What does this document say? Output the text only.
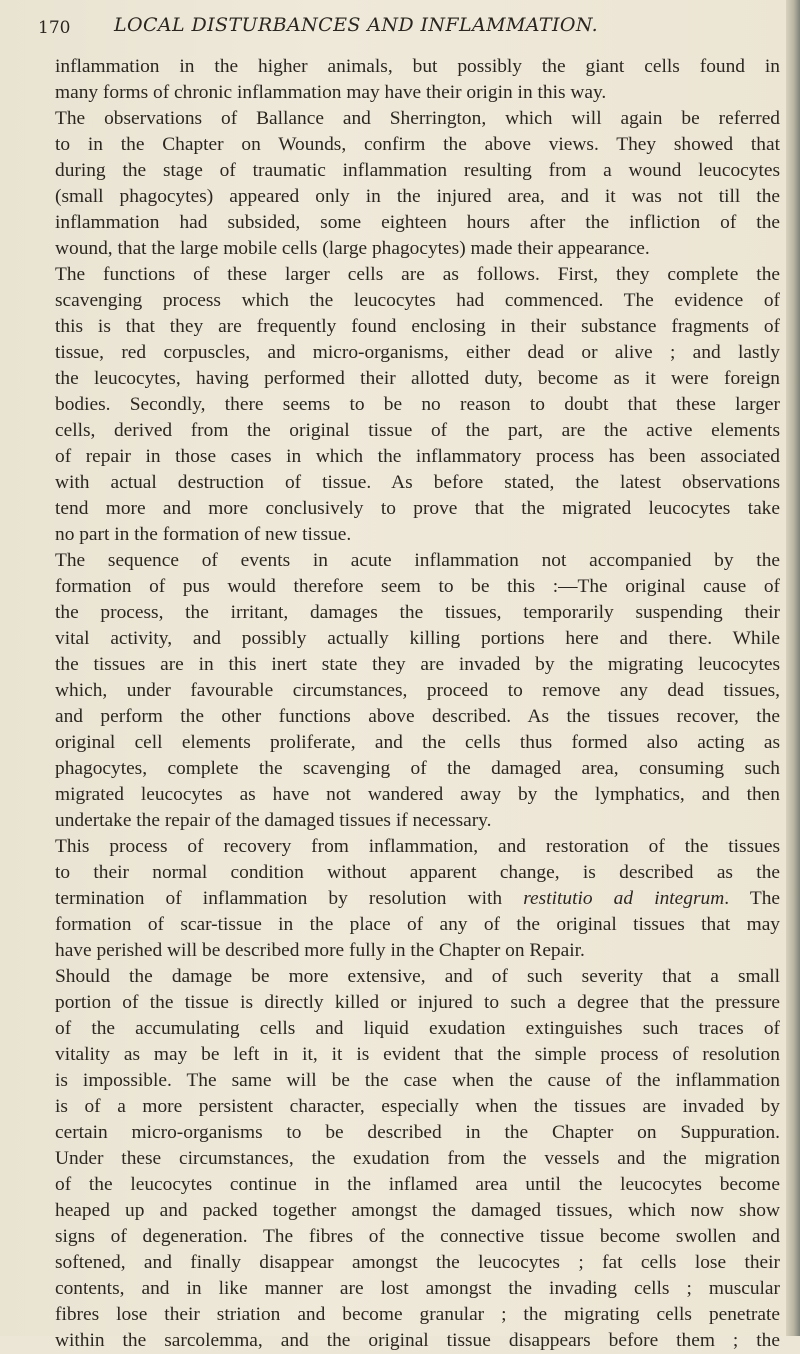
170 LOCAL DISTURBANCES AND INFLAMMATION.
inflammation in the higher animals, but possibly the giant cells found in
many forms of chronic inflammation may have their origin in this way.
The observations of Ballance and Sherrington, which will again be referred
to in the Chapter on Wounds, confirm the above views. They showed that
during the stage of traumatic inflammation resulting from a wound leucocytes
(small phagocytes) appeared only in the injured area, and it was not till the
inflammation had subsided, some eighteen hours after the infliction of the
wound, that the large mobile cells (large phagocytes) made their appearance.
The functions of these larger cells are as follows. First, they complete the
scavenging process which the leucocytes had commenced. The evidence of
this is that they are frequently found enclosing in their substance fragments of
tissue, red corpuscles, and micro-organisms, either dead or alive ; and lastly
the leucocytes, having performed their allotted duty, become as it were foreign
bodies. Secondly, there seems to be no reason to doubt that these larger
cells, derived from the original tissue of the part, are the active elements
of repair in those cases in which the inflammatory process has been associated
with actual destruction of tissue. As before stated, the latest observations
tend more and more conclusively to prove that the migrated leucocytes take
no part in the formation of new tissue.
The sequence of events in acute inflammation not accompanied by the
formation of pus would therefore seem to be this :—The original cause of
the process, the irritant, damages the tissues, temporarily suspending their
vital activity, and possibly actually killing portions here and there. While
the tissues are in this inert state they are invaded by the migrating leucocytes
which, under favourable circumstances, proceed to remove any dead tissues,
and perform the other functions above described. As the tissues recover, the
original cell elements proliferate, and the cells thus formed also acting as
phagocytes, complete the scavenging of the damaged area, consuming such
migrated leucocytes as have not wandered away by the lymphatics, and then
undertake the repair of the damaged tissues if necessary.
This process of recovery from inflammation, and restoration of the tissues
to their normal condition without apparent change, is described as the
termination of inflammation by resolution with restitutio ad integrum. The
formation of scar-tissue in the place of any of the original tissues that may
have perished will be described more fully in the Chapter on Repair.
Should the damage be more extensive, and of such severity that a small
portion of the tissue is directly killed or injured to such a degree that the pressure
of the accumulating cells and liquid exudation extinguishes such traces of
vitality as may be left in it, it is evident that the simple process of resolution
is impossible. The same will be the case when the cause of the inflammation
is of a more persistent character, especially when the tissues are invaded by
certain micro-organisms to be described in the Chapter on Suppuration.
Under these circumstances, the exudation from the vessels and the migration
of the leucocytes continue in the inflamed area until the leucocytes become
heaped up and packed together amongst the damaged tissues, which now show
signs of degeneration. The fibres of the connective tissue become swollen and
softened, and finally disappear amongst the leucocytes ; fat cells lose their
contents, and in like manner are lost amongst the invading cells ; muscular
fibres lose their striation and become granular ; the migrating cells penetrate
within the sarcolemma, and the original tissue disappears before them ; the
